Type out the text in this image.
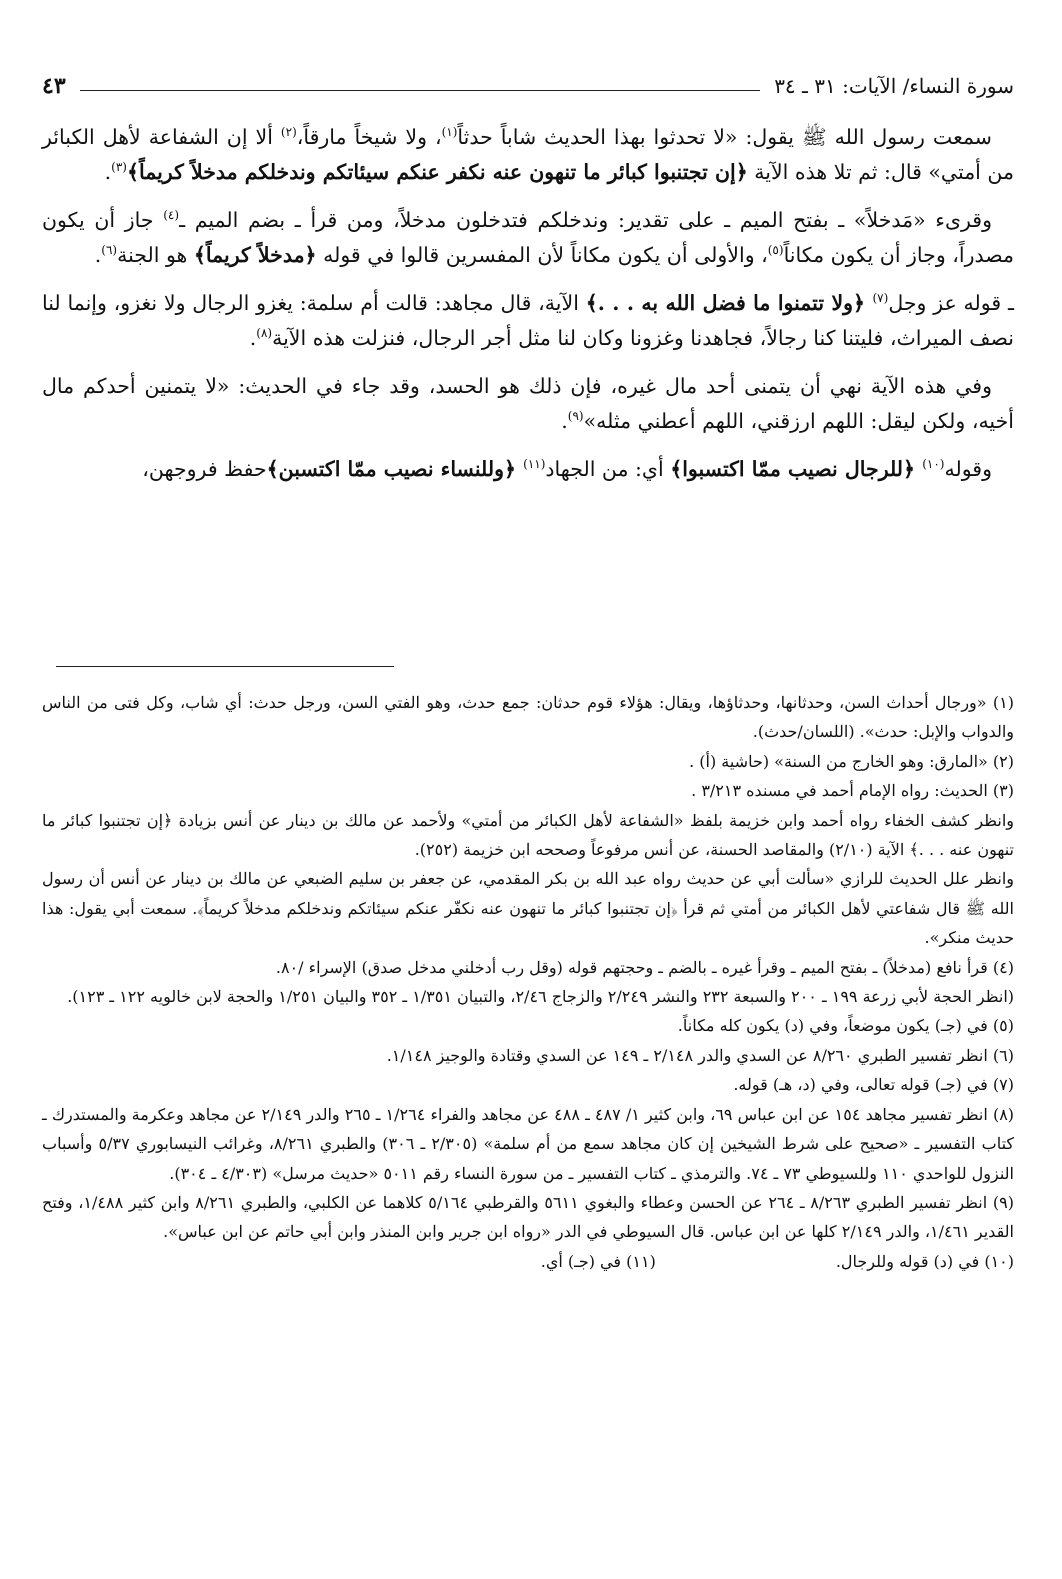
سورة النساء/ الآيات: ٣١ ـ ٣٤
٤٣

سمعت رسول الله ﷺ يقول: «لا تحدثوا بهذا الحديث شاباً حدثاً$^{(١)}$، ولا شيخاً مارقاً،$^{(٢)}$ ألا إن الشفاعة لأهل الكبائر من أمتي» قال: ثم تلا هذه الآية ﴿إن تجتنبوا كبائر ما تنهون عنه نكفر عنكم سيئاتكم وندخلكم مدخلاً كريماً﴾$^{(٣)}$.

وقرىء «مَدخلاً» ـ بفتح الميم ـ على تقدير: وندخلكم فتدخلون مدخلاً، ومن قرأ ـ بضم الميم ـ$^{(٤)}$ جاز أن يكون مصدراً، وجاز أن يكون مكاناً$^{(٥)}$، والأولى أن يكون مكاناً لأن المفسرين قالوا في قوله ﴿مدخلاً كريماً﴾ هو الجنة$^{(٦)}$.

ـ قوله عز وجل$^{(٧)}$ ﴿ولا تتمنوا ما فضل الله به . . .﴾ الآية، قال مجاهد: قالت أم سلمة: يغزو الرجال ولا نغزو، وإنما لنا نصف الميراث، فليتنا كنا رجالاً، فجاهدنا وغزونا وكان لنا مثل أجر الرجال، فنزلت هذه الآية$^{(٨)}$.

وفي هذه الآية نهي أن يتمنى أحد مال غيره، فإن ذلك هو الحسد، وقد جاء في الحديث: «لا يتمنين أحدكم مال أخيه، ولكن ليقل: اللهم ارزقني، اللهم أعطني مثله»$^{(٩)}$.

وقوله$^{(١٠)}$ ﴿للرجال نصيب ممّا اكتسبوا﴾ أي: من الجهاد$^{(١١)}$ ﴿وللنساء نصيب ممّا اكتسبن﴾حفظ فروجهن،

(١) «ورجال أحداث السن، وحدثانها، وحدثاؤها، ويقال: هؤلاء قوم حدثان: جمع حدث، وهو الفتي السن، ورجل حدث: أي شاب، وكل فتى من الناس والدواب والإبل: حدث». (اللسان/حدث).

(٢) «المارق: وهو الخارج من السنة» (حاشية (أ) .

(٣) الحديث: رواه الإمام أحمد في مسنده ٣/٢١٣ .

وانظر كشف الخفاء رواه أحمد وابن خزيمة بلفظ «الشفاعة لأهل الكبائر من أمتي» ولأحمد عن مالك بن دينار عن أنس بزيادة ﴿إن تجتنبوا كبائر ما تنهون عنه . . .﴾ الآية (٢/١٠) والمقاصد الحسنة، عن أنس مرفوعاً وصححه ابن خزيمة (٢٥٢).

وانظر علل الحديث للرازي «سألت أبي عن حديث رواه عبد الله بن بكر المقدمي، عن جعفر بن سليم الضبعي عن مالك بن دينار عن أنس أن رسول الله ﷺ قال شفاعتي لأهل الكبائر من أمتي ثم قرأ ﴿إن تجتنبوا كبائر ما تنهون عنه نكفّر عنكم سيئاتكم وندخلكم مدخلاً كريماً﴾. سمعت أبي يقول: هذا حديث منكر».

(٤) قرأ نافع (مدخلاً) ـ بفتح الميم ـ وقرأ غيره ـ بالضم ـ وحجتهم قوله (وقل رب أدخلني مدخل صدق) الإسراء /٨٠.

(انظر الحجة لأبي زرعة ١٩٩ ـ ٢٠٠ والسبعة ٢٣٢ والنشر ٢/٢٤٩ والزجاج ٢/٤٦، والتبيان ١/٣٥١ ـ ٣٥٢ والبيان ١/٢٥١ والحجة لابن خالويه ١٢٢ ـ ١٢٣).

(٥) في (جـ) يكون موضعاً، وفي (د) يكون كله مكاناً.

(٦) انظر تفسير الطبري ٨/٢٦٠ عن السدي والدر ٢/١٤٨ ـ ١٤٩ عن السدي وقتادة والوجيز ١/١٤٨.

(٧) في (جـ) قوله تعالى، وفي (د، هـ) قوله.

(٨) انظر تفسير مجاهد ١٥٤ عن ابن عباس ٦٩، وابن كثير ١/ ٤٨٧ ـ ٤٨٨ عن مجاهد والفراء ١/٢٦٤ ـ ٢٦٥ والدر ٢/١٤٩ عن مجاهد وعكرمة والمستدرك ـ كتاب التفسير ـ «صحيح على شرط الشيخين إن كان مجاهد سمع من أم سلمة» (٢/٣٠٥ ـ ٣٠٦) والطبري ٨/٢٦١، وغرائب النيسابوري ٥/٣٧ وأسباب النزول للواحدي ١١٠ وللسيوطي ٧٣ ـ ٧٤. والترمذي ـ كتاب التفسير ـ من سورة النساء رقم ٥٠١١ «حديث مرسل» (٤/٣٠٣ ـ ٣٠٤).

(٩) انظر تفسير الطبري ٨/٢٦٣ ـ ٢٦٤ عن الحسن وعطاء والبغوي ٥٦١١ والقرطبي ٥/١٦٤ كلاهما عن الكلبي، والطبري ٨/٢٦١ وابن كثير ١/٤٨٨، وفتح القدير ١/٤٦١، والدر ٢/١٤٩ كلها عن ابن عباس. قال السيوطي في الدر «رواه ابن جرير وابن المنذر وابن أبي حاتم عن ابن عباس».

(١٠) في (د) قوله وللرجال.
(١١) في (جـ) أي.
